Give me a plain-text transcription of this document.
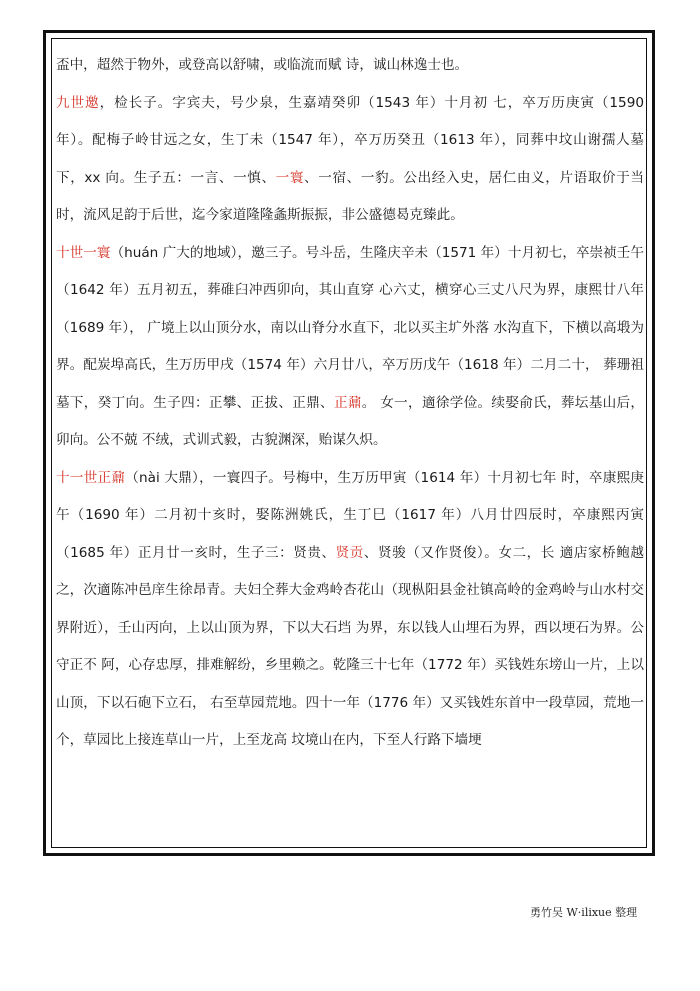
盃中，超然于物外，或登高以舒啸，或临流而赋 诗，诚山林逸士也。

九世邀，检长子。字宾夫，号少泉，生嘉靖癸卯（1543 年）十月初 七，卒万历庚寅（1590 年）。配梅子岭甘远之女，生丁未（1547 年），卒万历癸丑（1613 年），同葬中坟山谢孺人墓 下，xx 向。生子五：一言、一慎、一寰、一宿、一豹。公出经入史，居仁由义，片语取价于当时，流风足韵于后世，迄今家道隆隆螽斯振振，非公盛德曷克臻此。

十世一寰（huán 广大的地域），邀三子。号斗岳，生隆庆辛未（1571 年）十月初七，卒崇祯壬午（1642 年）五月初五，葬碓臼冲西卯向，其山直穿 心六丈，横穿心三丈八尺为界，康熙廿八年（1689 年）， 广境上以山顶分水，南以山脊分水直下，北以买主圹外落 水沟直下，下横以高塅为界。配炭埠高氏，生万历甲戌（1574 年）六月廿八，卒万历戊午（1618 年）二月二十， 葬珊祖墓下，癸丁向。生子四：正攀、正拔、正鼎、正鼐。 女一，適徐学俭。续娶俞氏，葬坛基山后，卯向。公不兢 不绒，式训式毅，古貌渊深，贻谋久炽。

十一世正鼐（nài 大鼎），一寰四子。号梅中，生万历甲寅（1614 年）十月初七年 时，卒康熙庚午（1690 年）二月初十亥时，娶陈洲姚氏，生丁巳（1617 年）八月廿四辰时，卒康熙丙寅（1685 年）正月廿一亥时，生子三：贤贵、贤贡、贤骏（又作贤俊）。女二，长 適店家桥鲍越之，次適陈冲邑庠生徐昂青。夫妇仝葬大金鸡岭杏花山（现枞阳县金社镇高岭的金鸡岭与山水村交界附近），壬山丙向，上以山顶为界，下以大石垱 为界，东以钱人山埋石为界，西以埂石为界。公守正不 阿，心存忠厚，排难解纷，乡里赖之。乾隆三十七年（1772 年）买钱姓东塝山一片，上以山顶，下以石砲下立石， 右至草园荒地。四十一年（1776 年）又买钱姓东首中一段草园，荒地一个，草园比上接连草山一片，上至龙高 坟境山在内，下至人行路下墙埂

勇竹吴 W·ilixue 整理
